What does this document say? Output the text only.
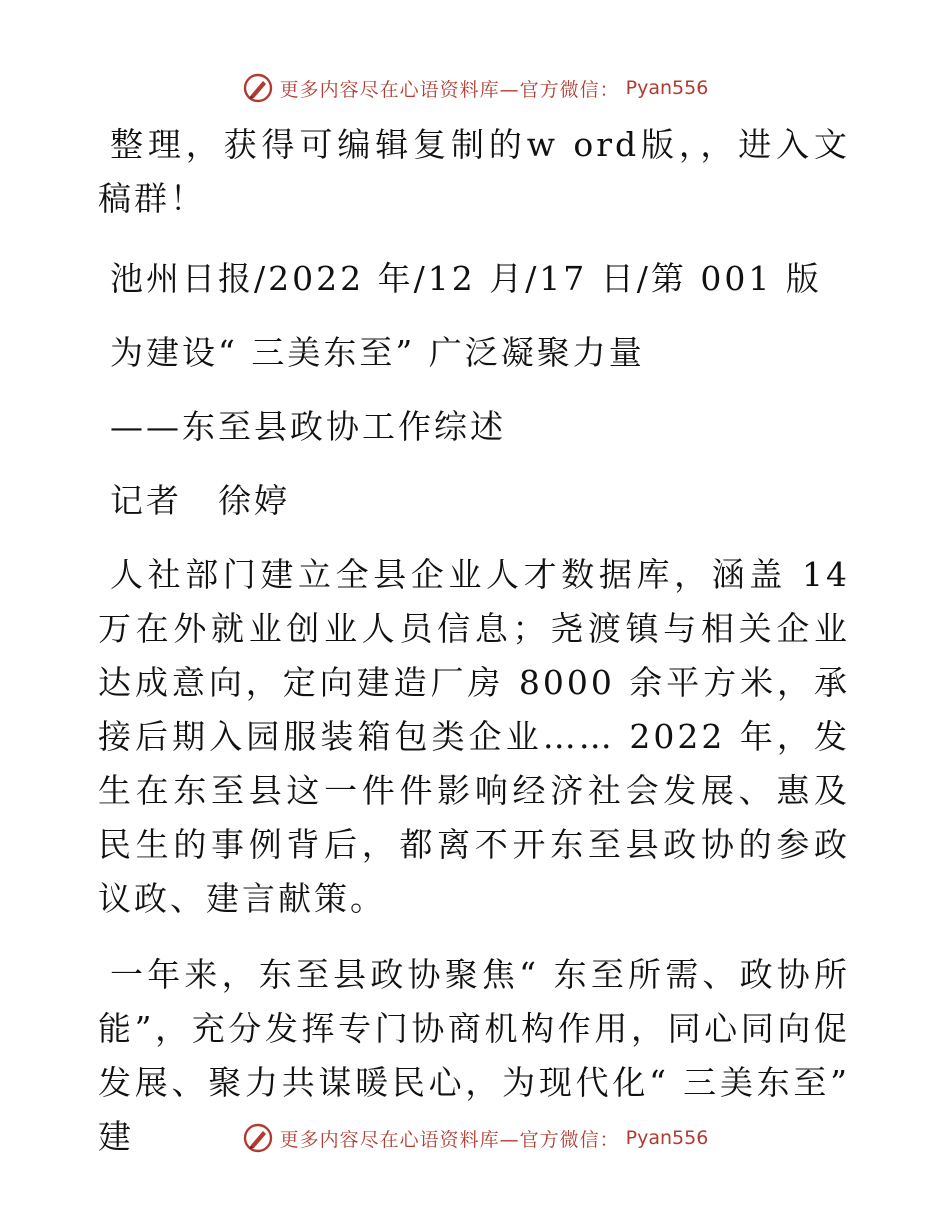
更多内容尽在心语资料库—官方微信： Pyan556

整理，获得可编辑复制的w ord版，，进入文稿群！

池州日报/2022 年/12 月/17 日/第 001 版

为建设“ 三美东至” 广泛凝聚力量

——东至县政协工作综述

记者　徐婷

人社部门建立全县企业人才数据库，涵盖 14 万在外就业创业人员信息；尧渡镇与相关企业达成意向，定向建造厂房 8000 余平方米，承接后期入园服装箱包类企业…… 2022 年，发生在东至县这一件件影响经济社会发展、惠及民生的事例背后，都离不开东至县政协的参政议政、建言献策。

一年来，东至县政协聚焦“ 东至所需、政协所能”，充分发挥专门协商机构作用，同心同向促发展、聚力共谋暖民心，为现代化“ 三美东至” 建	更多内容尽在心语资料库—官方微信： Pyan556
